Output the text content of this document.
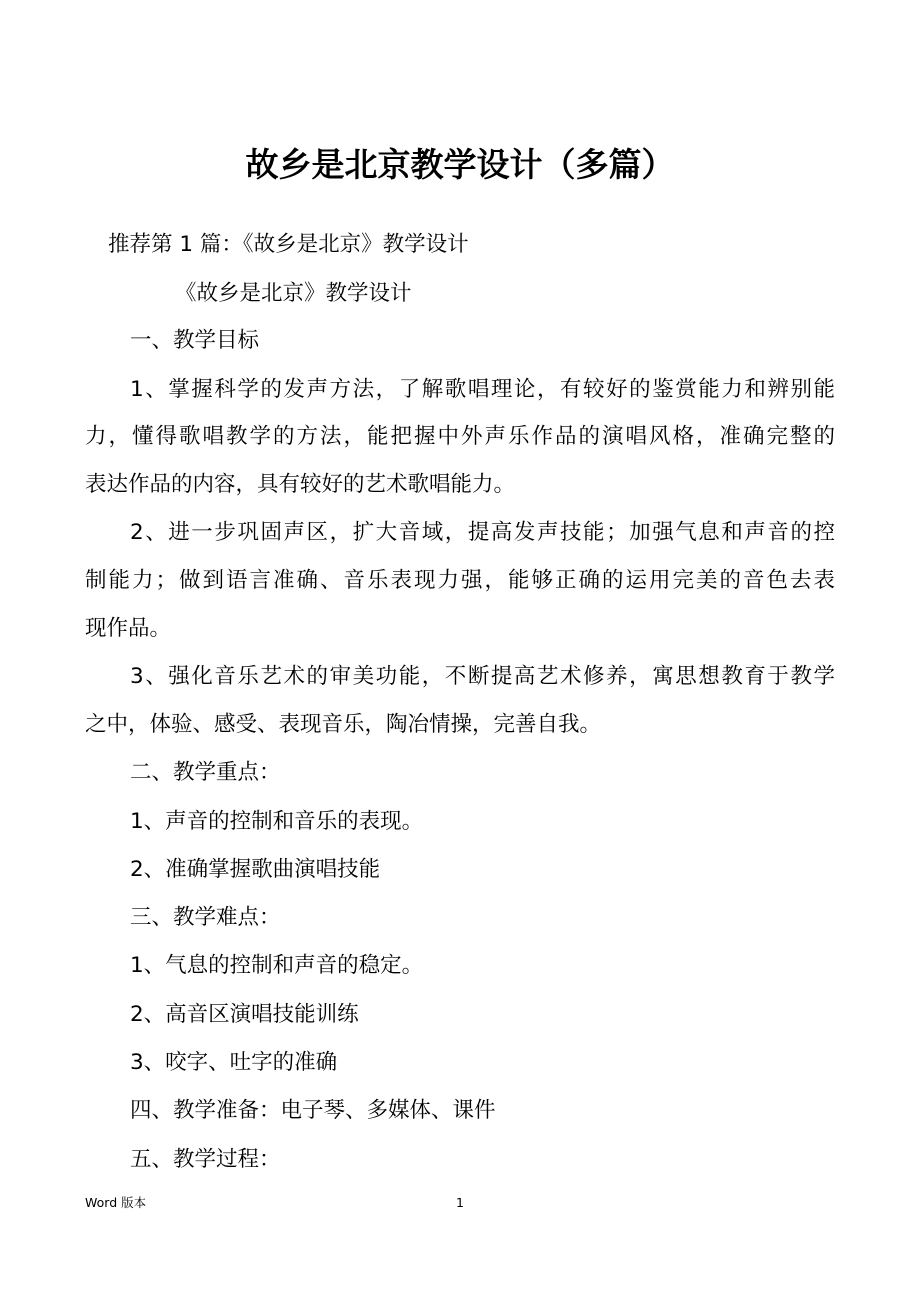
故乡是北京教学设计（多篇）
推荐第 1 篇：《故乡是北京》教学设计
《故乡是北京》教学设计
一、教学目标
1、掌握科学的发声方法，了解歌唱理论，有较好的鉴赏能力和辨别能
力，懂得歌唱教学的方法，能把握中外声乐作品的演唱风格，准确完整的
表达作品的内容，具有较好的艺术歌唱能力。
2、进一步巩固声区，扩大音域，提高发声技能；加强气息和声音的控
制能力；做到语言准确、音乐表现力强，能够正确的运用完美的音色去表
现作品。
3、强化音乐艺术的审美功能，不断提高艺术修养，寓思想教育于教学
之中，体验、感受、表现音乐，陶冶情操，完善自我。
二、教学重点：
1、声音的控制和音乐的表现。
2、准确掌握歌曲演唱技能
三、教学难点：
1、气息的控制和声音的稳定。
2、高音区演唱技能训练
3、咬字、吐字的准确
四、教学准备：电子琴、多媒体、课件
五、教学过程：
Word 版本	1
